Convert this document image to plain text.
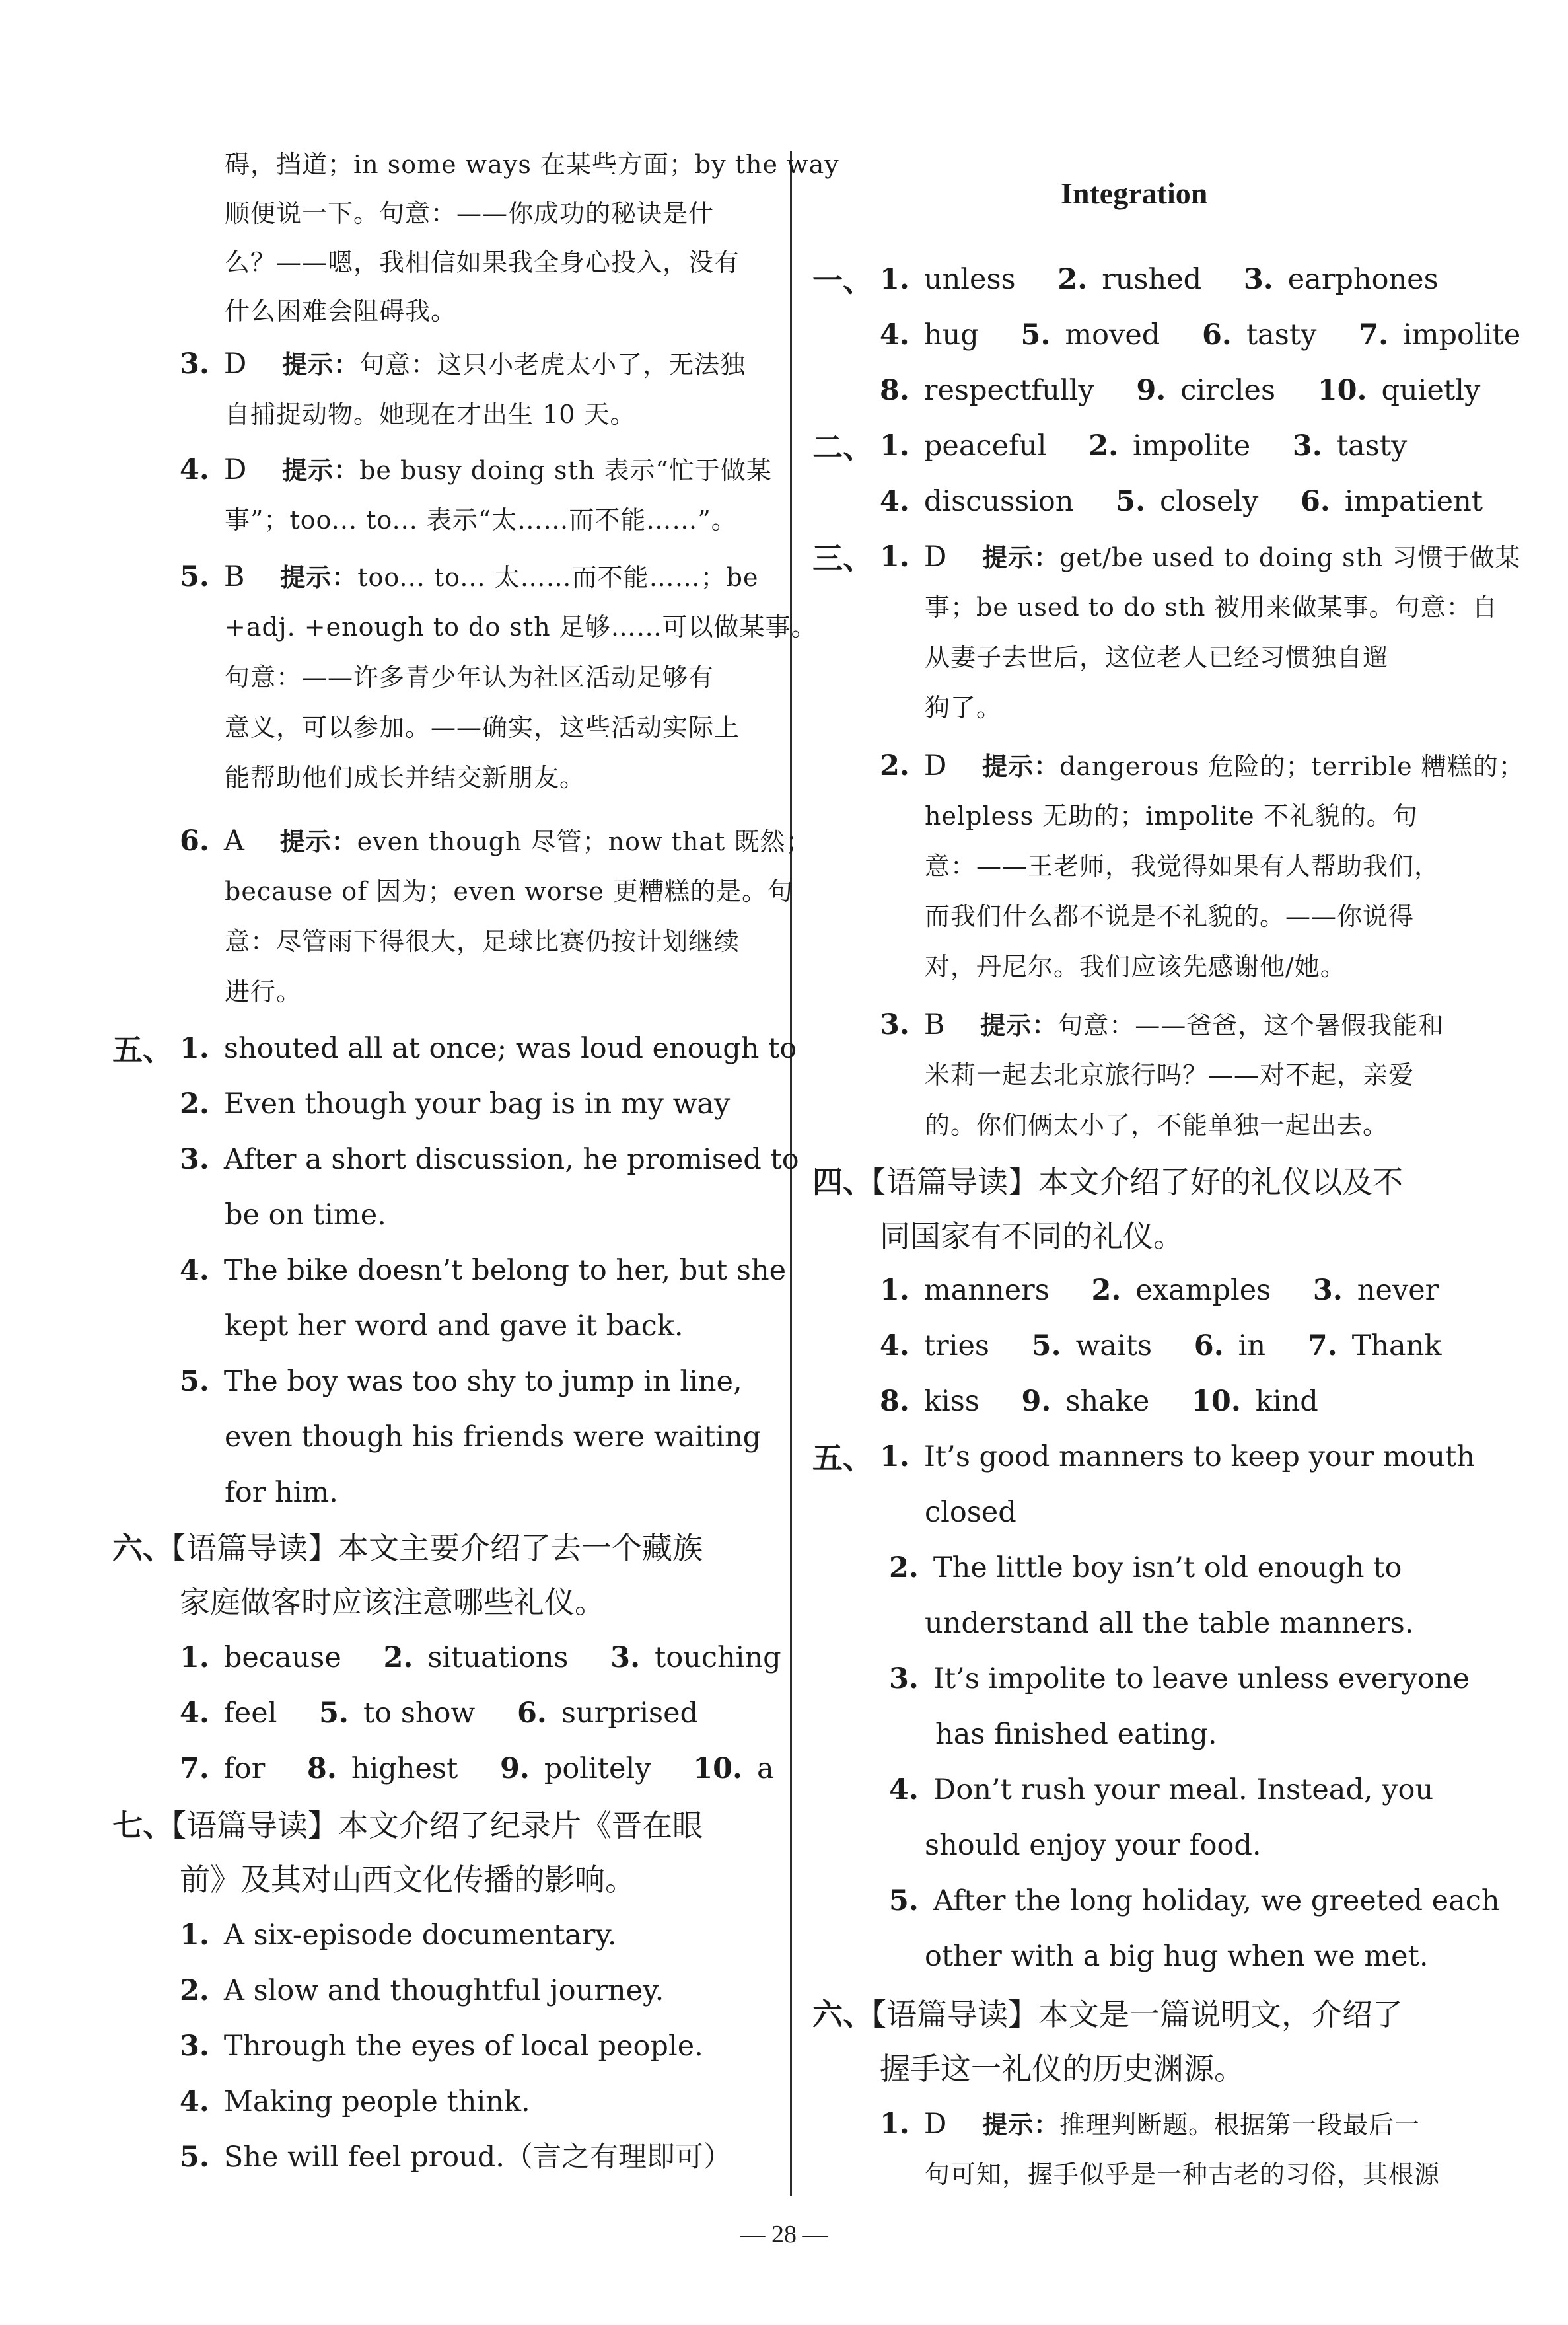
碍，挡道；in some ways 在某些方面；by the way
顺便说一下。句意：——你成功的秘诀是什
么？——嗯，我相信如果我全身心投入，没有
什么困难会阻碍我。
3. D 提示：句意：这只小老虎太小了，无法独
自捕捉动物。她现在才出生 10 天。
4. D 提示：be busy doing sth 表示“忙于做某
事”；too... to... 表示“太……而不能……”。
5. B 提示：too... to... 太……而不能……；be
+adj. +enough to do sth 足够……可以做某事。
句意：——许多青少年认为社区活动足够有
意义，可以参加。——确实，这些活动实际上
能帮助他们成长并结交新朋友。
6. A 提示：even though 尽管；now that 既然；
because of 因为；even worse 更糟糕的是。句
意：尽管雨下得很大，足球比赛仍按计划继续
进行。
五、 1. shouted all at once; was loud enough to
2. Even though your bag is in my way
3. After a short discussion, he promised to
be on time.
4. The bike doesn’t belong to her, but she
kept her word and gave it back.
5. The boy was too shy to jump in line,
even though his friends were waiting
for him.
六、
【语篇导读】本文主要介绍了去一个藏族
家庭做客时应该注意哪些礼仪。
1. because 2. situations 3. touching
4. feel 5. to show 6. surprised
7. for 8. highest 9. politely 10. a
七、
【语篇导读】本文介绍了纪录片《晋在眼
前》及其对山西文化传播的影响。
1. A six-episode documentary.
2. A slow and thoughtful journey.
3. Through the eyes of local people.
4. Making people think.
5. She will feel proud.（言之有理即可）
Integration
一、 1. unless 2. rushed 3. earphones
4. hug 5. moved 6. tasty 7. impolite
8. respectfully 9. circles 10. quietly
二、 1. peaceful 2. impolite 3. tasty
4. discussion 5. closely 6. impatient
三、 1. D 提示：get/be used to doing sth 习惯于做某
事；be used to do sth 被用来做某事。句意：自
从妻子去世后，这位老人已经习惯独自遛
狗了。
2. D 提示：dangerous 危险的；terrible 糟糕的；
helpless 无助的；impolite 不礼貌的。句
意：——王老师，我觉得如果有人帮助我们，
而我们什么都不说是不礼貌的。——你说得
对，丹尼尔。我们应该先感谢他/她。
3. B 提示：句意：——爸爸，这个暑假我能和
米莉一起去北京旅行吗？——对不起，亲爱
的。你们俩太小了，不能单独一起出去。
四、
【语篇导读】本文介绍了好的礼仪以及不
同国家有不同的礼仪。
1. manners 2. examples 3. never
4. tries 5. waits 6. in 7. Thank
8. kiss 9. shake 10. kind
五、 1. It’s good manners to keep your mouth
closed
2. The little boy isn’t old enough to
understand all the table manners.
3. It’s impolite to leave unless everyone
has finished eating.
4. Don’t rush your meal. Instead, you
should enjoy your food.
5. After the long holiday, we greeted each
other with a big hug when we met.
六、
【语篇导读】本文是一篇说明文，介绍了
握手这一礼仪的历史渊源。
1. D 提示：推理判断题。根据第一段最后一
句可知，握手似乎是一种古老的习俗，其根源
— 28 —
